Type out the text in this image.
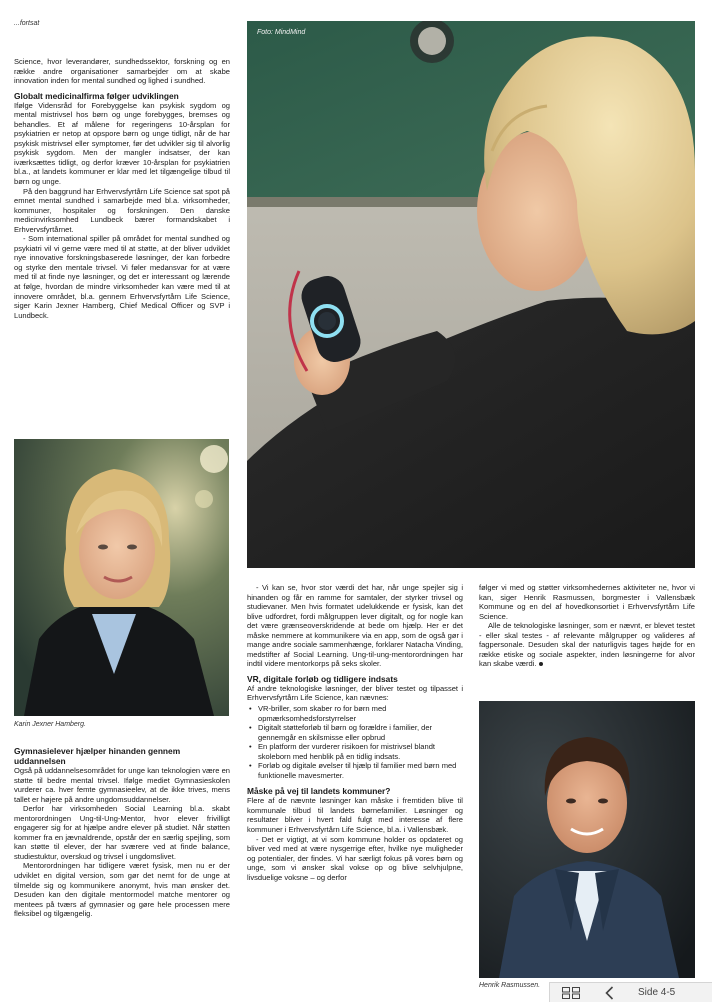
...fortsat

Science, hvor leverandører, sundhedssektor, forskning og en række andre organisationer samarbejder om at skabe innovation inden for mental sundhed og lighed i sundhed.

Globalt medicinalfirma følger udviklingen

Ifølge Vidensråd for Forebyggelse kan psykisk sygdom og mental mistrivsel hos børn og unge forebygges, bremses og behandles. Et af målene for regeringens 10-årsplan for psykiatrien er netop at opspore børn og unge tidligt, når de har psykisk mistrivsel eller symptomer, før det udvikler sig til alvorlig psykisk sygdom. Men der mangler indsatser, der kan iværksættes tidligt, og derfor kræver 10-årsplan for psykiatrien bl.a., at landets kommuner er klar med let tilgængelige tilbud til børn og unge.

På den baggrund har Erhvervsfyrtårn Life Science sat spot på emnet mental sundhed i samarbejde med bl.a. virksomheder, kommuner, hospitaler og forskningen. Den danske medicinvirksomhed Lundbeck bærer formandskabet i Erhvervsfyrtårnet.

- Som international spiller på området for mental sundhed og psykiatri vil vi gerne være med til at støtte, at der bliver udviklet nye innovative forskningsbaserede løsninger, der kan forbedre og styrke den mentale trivsel. Vi føler medansvar for at være med til at finde nye løsninger, og det er interessant og lærende at følge, hvordan de mindre virksomheder kan være med til at innovere området, bl.a. gennem Erhvervsfyrtårn Life Science, siger Karin Jexner Hamberg, Chief Medical Officer og SVP i Lundbeck.

Karin Jexner Hamberg.
Gymnasielever hjælper hinanden gennem uddannelsen

Også på uddannelsesområdet for unge kan teknologien være en støtte til bedre mental trivsel. Ifølge mediet Gymnasieskolen vurderer ca. hver femte gymnasieelev, at de ikke trives, mens tallet er højere på andre ungdomsuddannelser.

Derfor har virksomheden Social Learning bl.a. skabt mentorordningen Ung-til-Ung-Mentor, hvor elever frivilligt engagerer sig for at hjælpe andre elever på studiet. Når støtten kommer fra en jævnaldrende, opstår der en særlig spejling, som kan støtte til elever, der har sværere ved at finde balance, studiestuktur, overskud og trivsel i ungdomslivet.

Mentorordningen har tidligere været fysisk, men nu er der udviklet en digital version, som gør det nemt for de unge at tilmelde sig og kommunikere anonymt, hvis man ønsker det. Desuden kan den digitale mentormodel matche mentorer og mentees på tværs af gymnasier og gøre hele processen mere fleksibel og tilgængelig.

Foto: MindMind

- Vi kan se, hvor stor værdi det har, når unge spejler sig i hinanden og får en ramme for samtaler, der styrker trivsel og studievaner. Men hvis formatet udelukkende er fysisk, kan det blive udfordret, fordi målgruppen lever digitalt, og for nogle kan det være grænseoverskridende at bede om hjælp. Her er det måske nemmere at kommunikere via en app, som de også gør i mange andre sociale sammenhænge, forklarer Natacha Vinding, medstifter af Social Learning. Ung-til-ung-mentorordningen har indtil videre mentorkorps på seks skoler.

VR, digitale forløb og tidligere indsats

Af andre teknologiske løsninger, der bliver testet og tilpasset i Erhvervsfyrtårn Life Science, kan nævnes:

• VR-briller, som skaber ro for børn med opmærksomhedsforstyrrelser
• Digitalt støtteforløb til børn og forældre i familier, der gennemgår en skilsmisse eller opbrud
• En platform der vurderer risikoen for mistrivsel blandt skoleborn med henblik på en tidlig indsats.
• Forløb og digitale øvelser til hjælp til familier med børn med funktionelle mavesmerter.
Måske på vej til landets kommuner?

Flere af de nævnte løsninger kan måske i fremtiden blive til kommunale tilbud til landets børnefamilier. Løsninger og resultater bliver i hvert fald fulgt med interesse af flere kommuner i Erhvervsfyrtårn Life Science, bl.a. i Vallensbæk.

- Det er vigtigt, at vi som kommune holder os opdateret og bliver ved med at være nysgerrige efter, hvilke nye muligheder og potentialer, der findes. Vi har særligt fokus på vores børn og unge, som vi ønsker skal vokse op og blive selvhjulpne, livsduelige voksne – og derfor

følger vi med og støtter virksomhedernes aktiviteter ne, hvor vi kan, siger Henrik Rasmussen, borgmester i Vallensbæk Kommune og en del af hovedkonsortiet i Erhvervsfyrtårn Life Science.

Alle de teknologiske løsninger, som er nævnt, er blevet testet - eller skal testes - af relevante målgrupper og valideres af fagpersonale. Desuden skal der naturligvis tages højde for en række etiske og sociale aspekter, inden løsningerne for alvor kan skabe værdi.

Henrik Rasmussen.
Side 4-5
